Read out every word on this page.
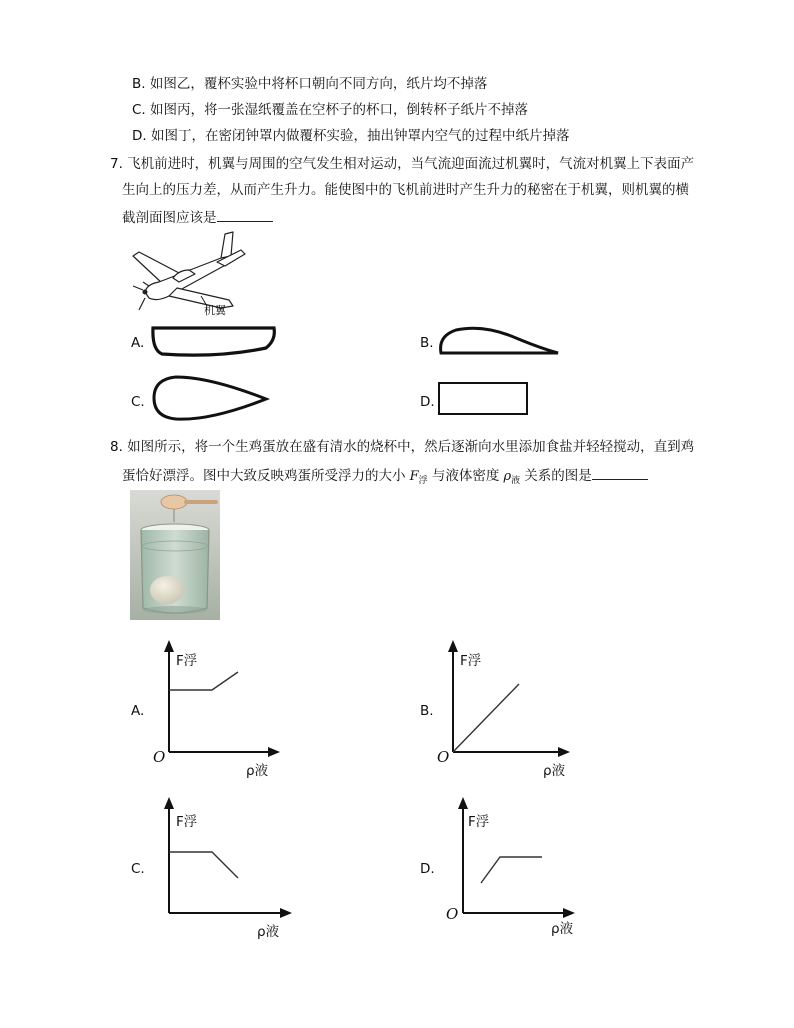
B. 如图乙，覆杯实验中将杯口朝向不同方向，纸片均不掉落
C. 如图丙，将一张湿纸覆盖在空杯子的杯口，倒转杯子纸片不掉落
D. 如图丁，在密闭钟罩内做覆杯实验，抽出钟罩内空气的过程中纸片掉落
7. 飞机前进时，机翼与周围的空气发生相对运动，当气流迎面流过机翼时，气流对机翼上下表面产
生向上的压力差，从而产生升力。能使图中的飞机前进时产生升力的秘密在于机翼，则机翼的横
截剖面图应该是
机翼
A.	B.
C.	D.
8. 如图所示，将一个生鸡蛋放在盛有清水的烧杯中，然后逐渐向水里添加食盐并轻轻搅动，直到鸡
蛋恰好漂浮。图中大致反映鸡蛋所受浮力的大小 $F_浮$ 与液体密度 $\rho_液$ 关系的图是
A.
F浮
ρ液
O
B.
F浮
ρ液
O
C.
F浮
ρ液
D.
F浮
ρ液
O
